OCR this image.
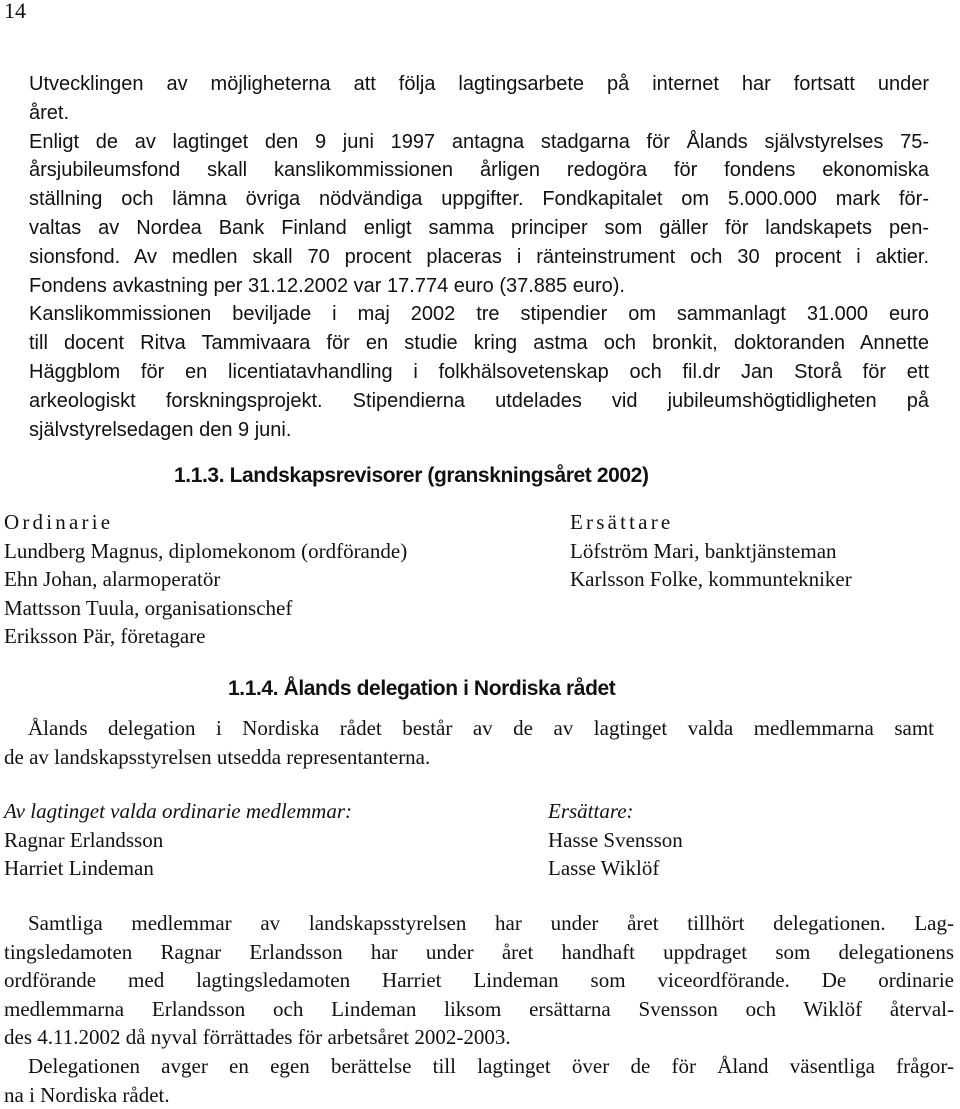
14
Utvecklingen av möjligheterna att följa lagtingsarbete på internet har fortsatt under
året.
Enligt de av lagtinget den 9 juni 1997 antagna stadgarna för Ålands självstyrelses 75-
årsjubileumsfond skall kanslikommissionen årligen redogöra för fondens ekonomiska
ställning och lämna övriga nödvändiga uppgifter. Fondkapitalet om 5.000.000 mark för-
valtas av Nordea Bank Finland enligt samma principer som gäller för landskapets pen-
sionsfond. Av medlen skall 70 procent placeras i ränteinstrument och 30 procent i aktier.
Fondens avkastning per 31.12.2002 var 17.774 euro (37.885 euro).
Kanslikommissionen beviljade i maj 2002 tre stipendier om sammanlagt 31.000 euro
till docent Ritva Tammivaara för en studie kring astma och bronkit, doktoranden Annette
Häggblom för en licentiatavhandling i folkhälsovetenskap och fil.dr Jan Storå för ett
arkeologiskt forskningsprojekt. Stipendierna utdelades vid jubileumshögtidligheten på
självstyrelsedagen den 9 juni.
1.1.3. Landskapsrevisorer (granskningsåret 2002)
Ordinarie
Lundberg Magnus, diplomekonom (ordförande)
Ehn Johan, alarmoperatör
Mattsson Tuula, organisationschef
Eriksson Pär, företagare
Ersättare
Löfström Mari, banktjänsteman
Karlsson Folke, kommuntekniker
1.1.4. Ålands delegation i Nordiska rådet
Ålands delegation i Nordiska rådet består av de av lagtinget valda medlemmarna samt
de av landskapsstyrelsen utsedda representanterna.
Av lagtinget valda ordinarie medlemmar:
Ragnar Erlandsson
Harriet Lindeman
Ersättare:
Hasse Svensson
Lasse Wiklöf
Samtliga medlemmar av landskapsstyrelsen har under året tillhört delegationen. Lag-
tingsledamoten Ragnar Erlandsson har under året handhaft uppdraget som delegationens
ordförande med lagtingsledamoten Harriet Lindeman som viceordförande. De ordinarie
medlemmarna Erlandsson och Lindeman liksom ersättarna Svensson och Wiklöf återval-
des 4.11.2002 då nyval förrättades för arbetsåret 2002-2003.
Delegationen avger en egen berättelse till lagtinget över de för Åland väsentliga frågor-
na i Nordiska rådet.
